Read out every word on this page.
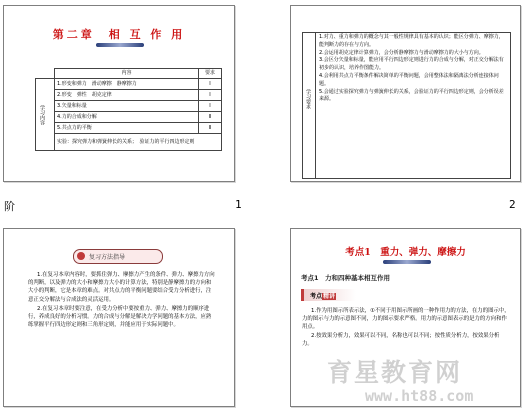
第二章　相 互 作 用
	内容	要求

学习内容	1.形变和弹力　滑动摩擦　静摩擦力	Ⅰ
	2.形变　弹性　胡克定律	Ⅰ
	3.矢量和标量	Ⅰ
	4.力的合成和分解	Ⅱ
	5.共点力的平衡	Ⅱ
	实验：探究弹力和弹簧伸长的关系；　验证力的平行四边形定则	
阶	1
学习要求
1.对力、重力和弹力的概念与其一般性规律具有基本的认识；能区分弹力、摩擦力，能判断力的存在与方向。
2.会运用胡克定律计算弹力，会分析静摩擦力与滑动摩擦力的大小与方向。
3.会区分矢量和标量，能应用平行四边形定则进行力的合成与分解，对正交分解法有初步的认识，培养作图能力。
4.会利用共点力平衡条件解决简单的平衡问题，会用整体法和隔离法分析连接体问题。
5.会通过实验探究弹力与弹簧伸长的关系，会验证力的平行四边形定则，会分析误差来源。
2
复习方法指导

1.在复习本章内容时，要抓住弹力、摩擦力产生的条件、弹力、摩擦力方向的判断，以及弹力的大小和摩擦力大小的计算方法，特别是静摩擦力的方向和大小的判断，它是本章的难点。对共点力的平衡问题要结合受力分析进行，注意正交分解法与合成法的灵活运用。

2.在复习本章时要注意，在受力分析中要按重力、弹力、摩擦力的顺序进行，养成良好的分析习惯。力的合成与分解是解决力学问题的基本方法，应熟练掌握平行四边形定则和三角形定则，并能应用于实际问题中。

考点1　重力、弹力、摩擦力
考点1　力和四种基本相互作用
考点精讲

1.作为用图示所表示法，①不同于用图示所画的一种作用力的方法，在力的图示中，力的图示与力的示意图不同，力的图示要求严格。用力的示意图表示的是力的方向和作用点。

2.按效果分析力，效果可以不同，名称也可以不同；按性质分析力，按效果分析力。

育星教育网
www.ht88.com
